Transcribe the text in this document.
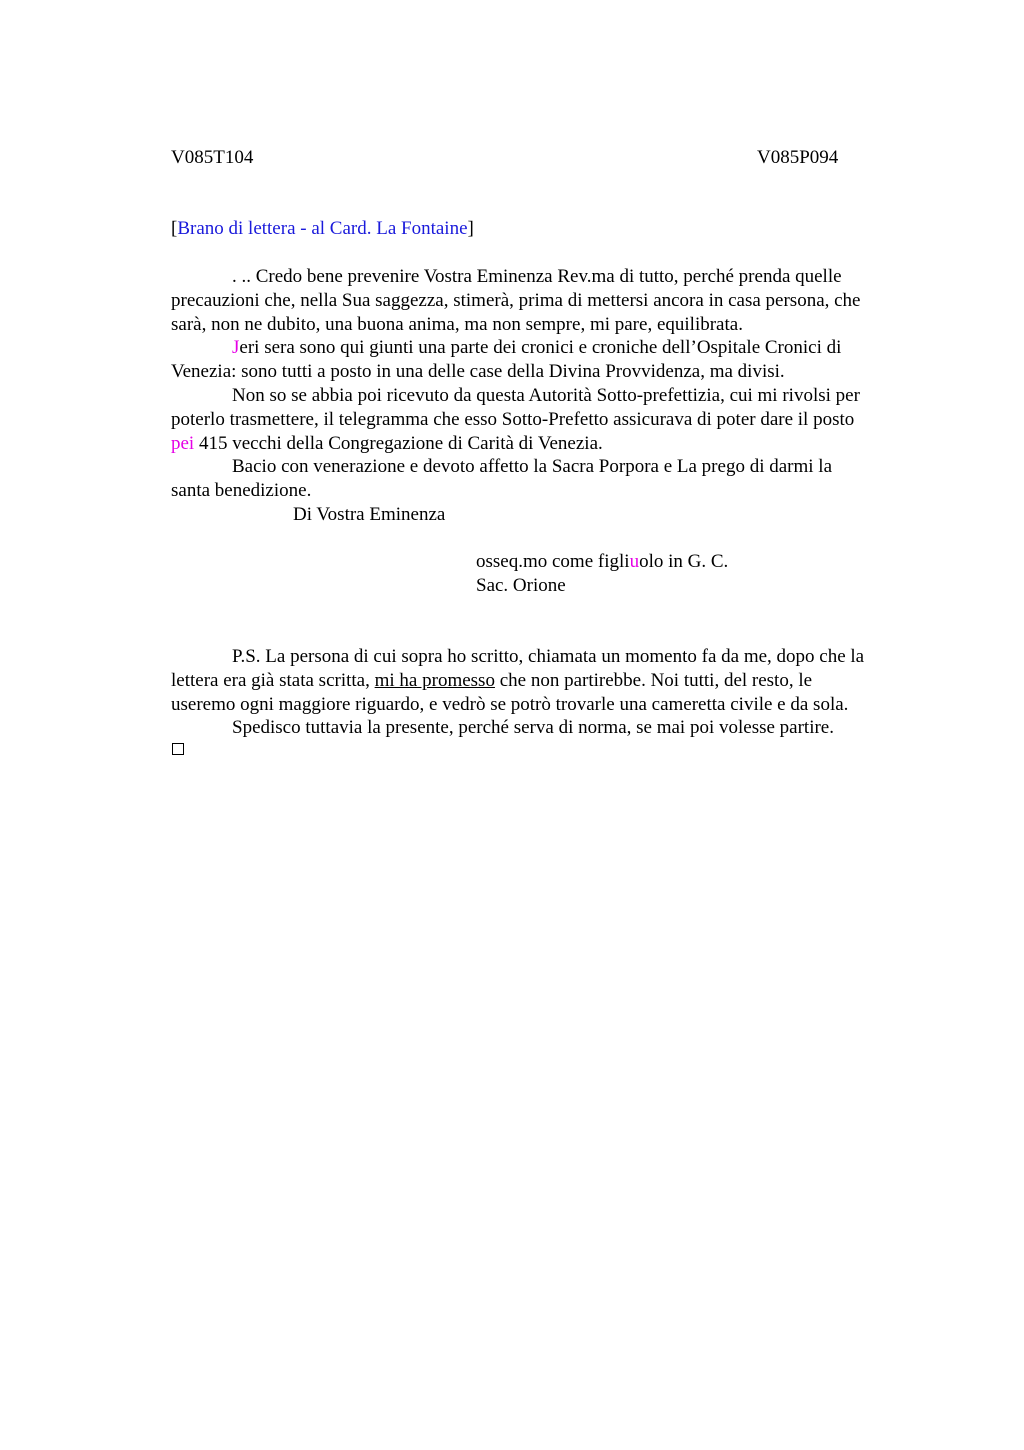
V085T104	V085P094
[Brano di lettera - al Card. La Fontaine]
. .. Credo bene prevenire Vostra Eminenza Rev.ma di tutto, perché prenda quelle
precauzioni che, nella Sua saggezza, stimerà, prima di mettersi ancora in casa persona, che
sarà, non ne dubito, una buona anima, ma non sempre, mi pare, equilibrata.
Jeri sera sono qui giunti una parte dei cronici e croniche dell’Ospitale Cronici di
Venezia: sono tutti a posto in una delle case della Divina Provvidenza, ma divisi.
Non so se abbia poi ricevuto da questa Autorità Sotto-prefettizia, cui mi rivolsi per
poterlo trasmettere, il telegramma che esso Sotto-Prefetto assicurava di poter dare il posto
pei 415 vecchi della Congregazione di Carità di Venezia.
Bacio con venerazione e devoto affetto la Sacra Porpora e La prego di darmi la
santa benedizione.
Di Vostra Eminenza
osseq.mo come figliuolo in G. C.
Sac. Orione
P.S. La persona di cui sopra ho scritto, chiamata un momento fa da me, dopo che la
lettera era già stata scritta, mi ha promesso che non partirebbe. Noi tutti, del resto, le
useremo ogni maggiore riguardo, e vedrò se potrò trovarle una cameretta civile e da sola.
Spedisco tuttavia la presente, perché serva di norma, se mai poi volesse partire.
